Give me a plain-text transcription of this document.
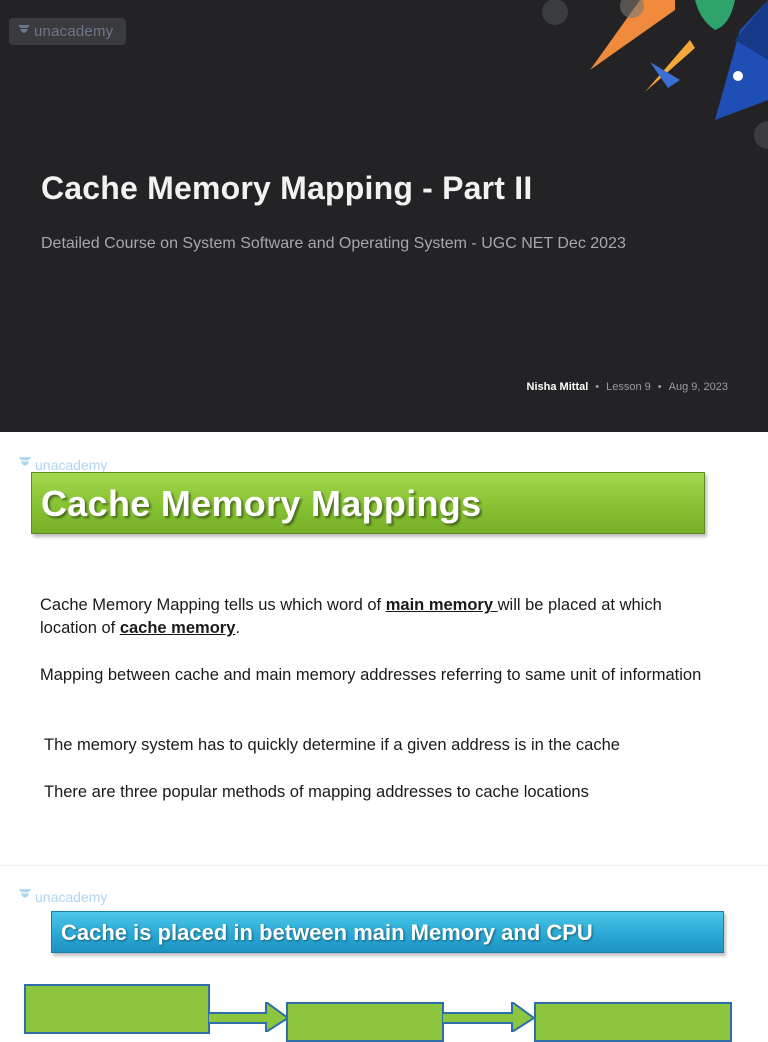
unacademy
Cache Memory Mapping - Part II

Detailed Course on System Software and Operating System - UGC NET Dec 2023

Nisha Mittal • Lesson 9 • Aug 9, 2023
unacademy
Cache Memory Mappings

Cache Memory Mapping tells us which word of main memory will be placed at which location of cache memory.

Mapping between cache and main memory addresses referring to same unit of information

The memory system has to quickly determine if a given address is in the cache

There are three popular methods of mapping addresses to cache locations

unacademy
Cache is placed in between main Memory and CPU
